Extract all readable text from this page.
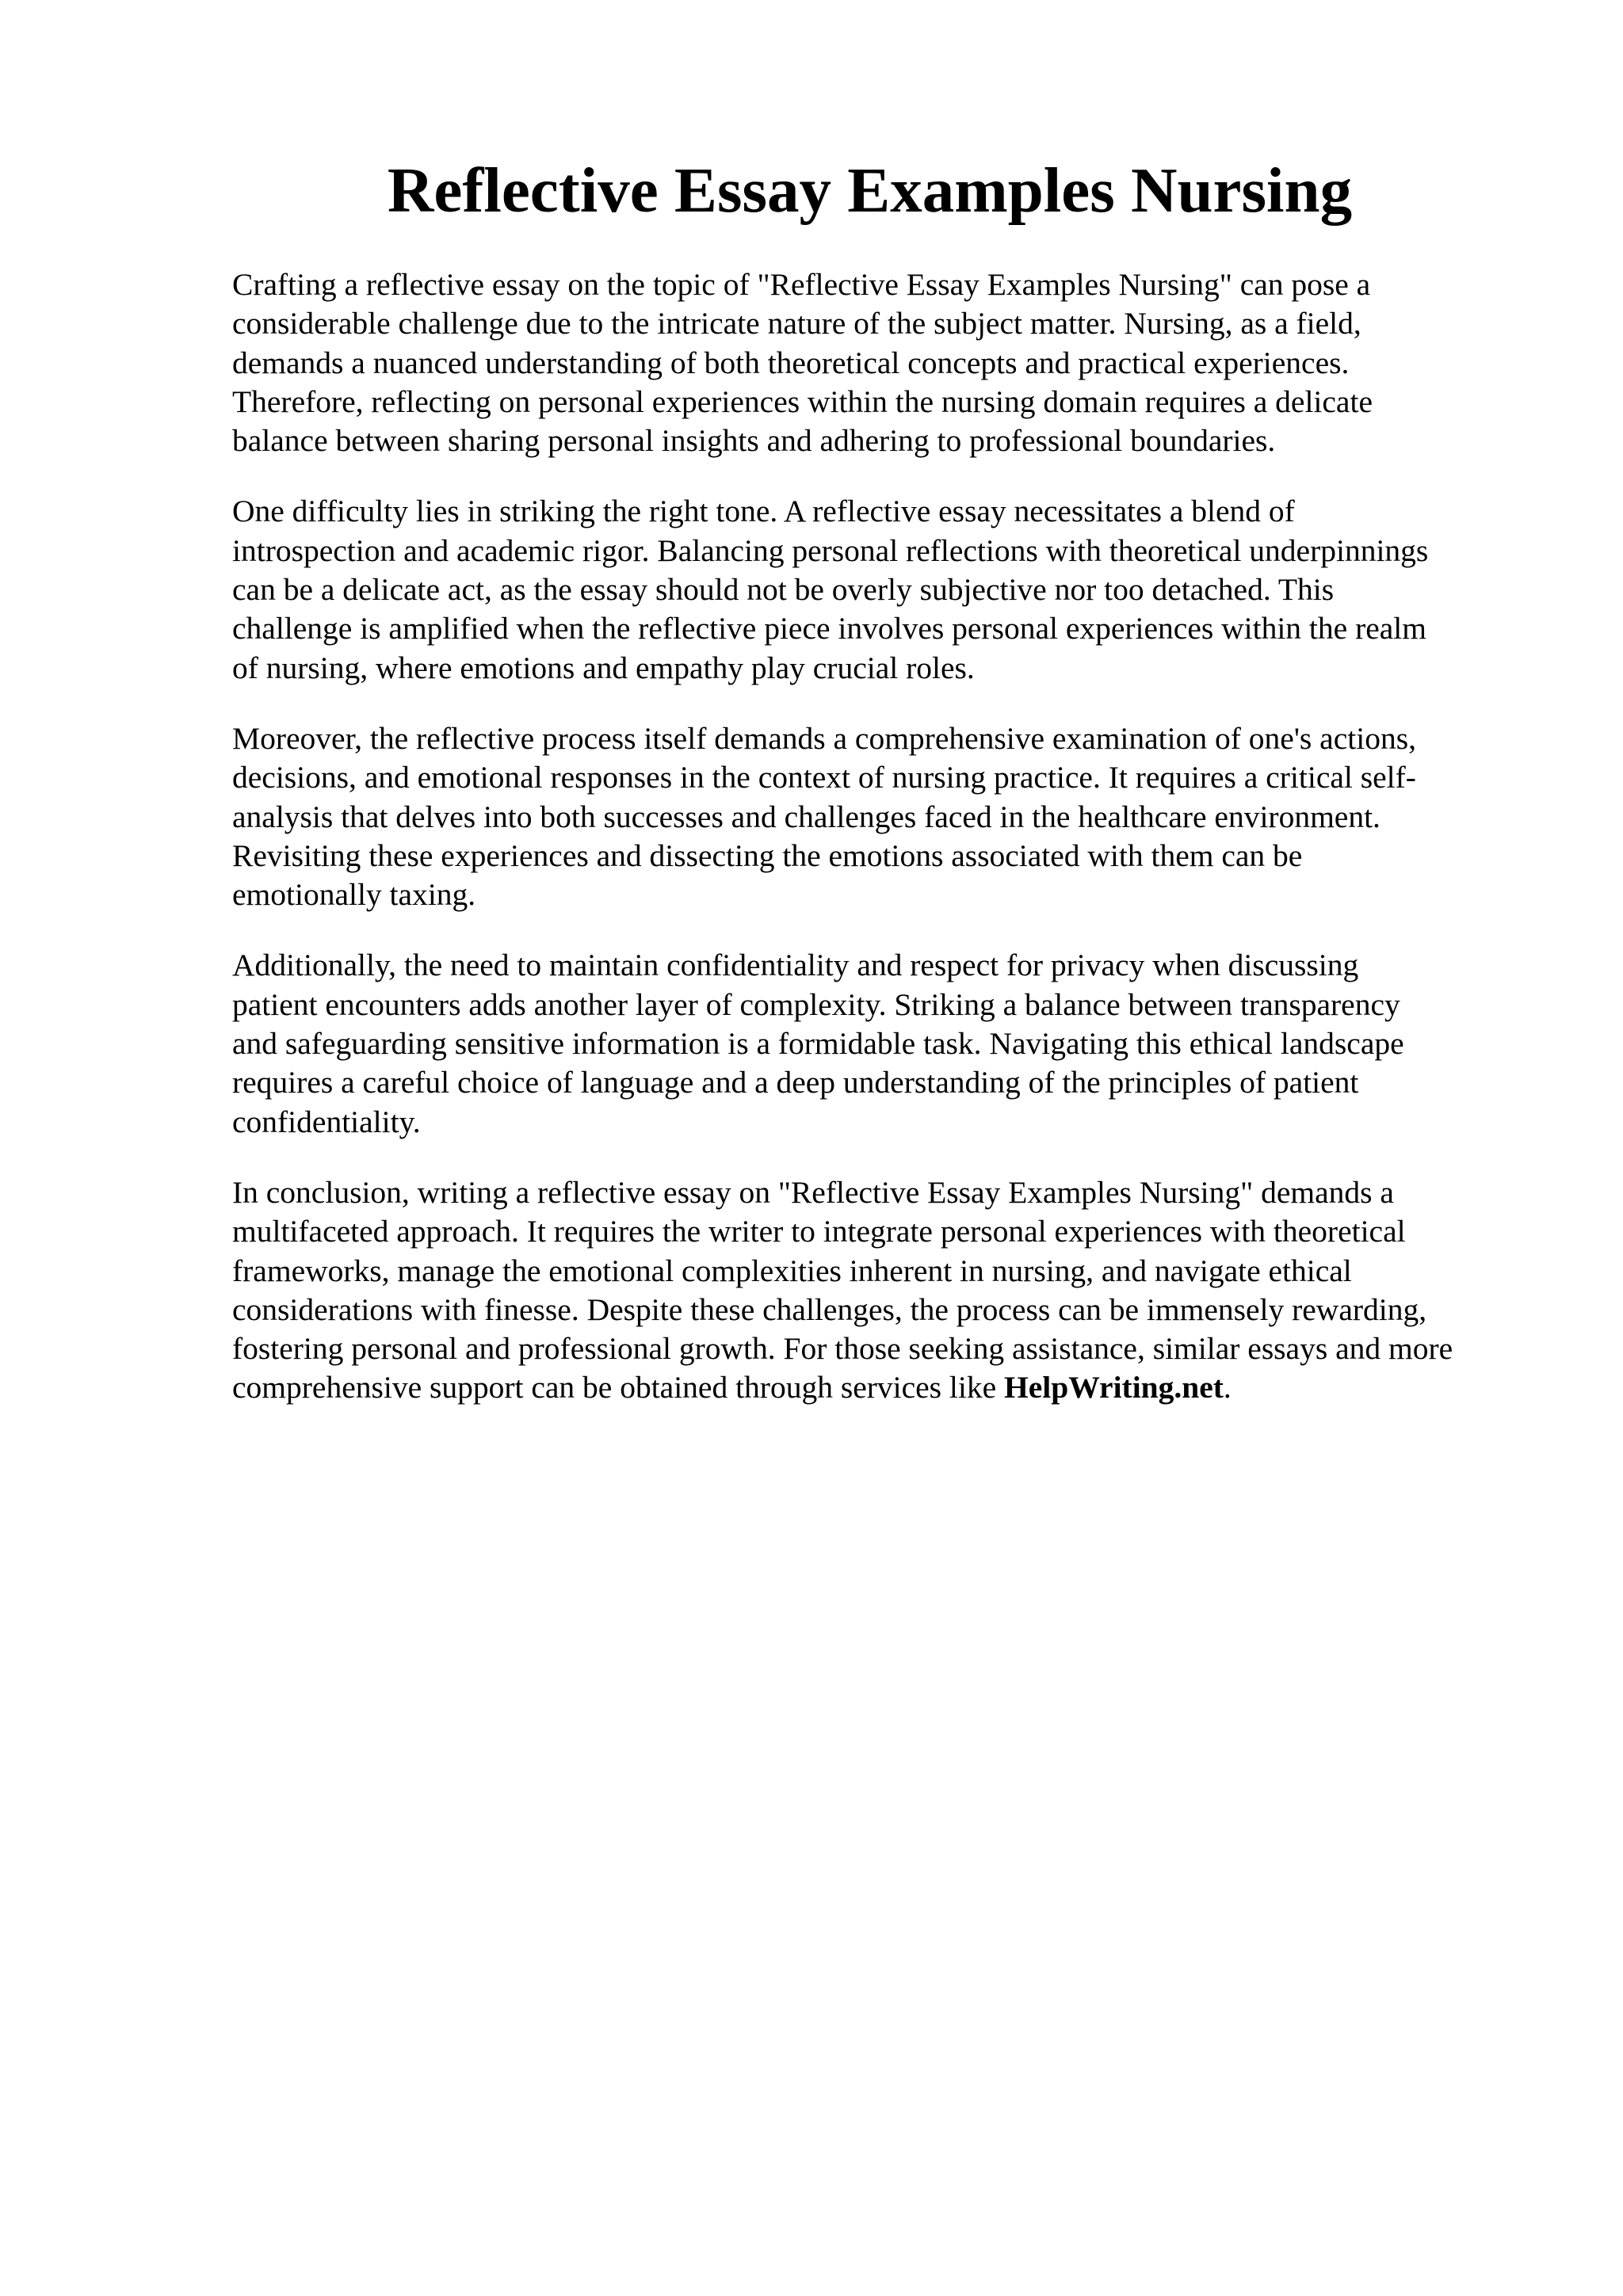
Reflective Essay Examples Nursing

Crafting a reflective essay on the topic of "Reflective Essay Examples Nursing" can pose a
considerable challenge due to the intricate nature of the subject matter. Nursing, as a field,
demands a nuanced understanding of both theoretical concepts and practical experiences.
Therefore, reflecting on personal experiences within the nursing domain requires a delicate
balance between sharing personal insights and adhering to professional boundaries.

One difficulty lies in striking the right tone. A reflective essay necessitates a blend of
introspection and academic rigor. Balancing personal reflections with theoretical underpinnings
can be a delicate act, as the essay should not be overly subjective nor too detached. This
challenge is amplified when the reflective piece involves personal experiences within the realm
of nursing, where emotions and empathy play crucial roles.

Moreover, the reflective process itself demands a comprehensive examination of one's actions,
decisions, and emotional responses in the context of nursing practice. It requires a critical self-
analysis that delves into both successes and challenges faced in the healthcare environment.
Revisiting these experiences and dissecting the emotions associated with them can be
emotionally taxing.

Additionally, the need to maintain confidentiality and respect for privacy when discussing
patient encounters adds another layer of complexity. Striking a balance between transparency
and safeguarding sensitive information is a formidable task. Navigating this ethical landscape
requires a careful choice of language and a deep understanding of the principles of patient
confidentiality.

In conclusion, writing a reflective essay on "Reflective Essay Examples Nursing" demands a
multifaceted approach. It requires the writer to integrate personal experiences with theoretical
frameworks, manage the emotional complexities inherent in nursing, and navigate ethical
considerations with finesse. Despite these challenges, the process can be immensely rewarding,
fostering personal and professional growth. For those seeking assistance, similar essays and more
comprehensive support can be obtained through services like HelpWriting.net.
